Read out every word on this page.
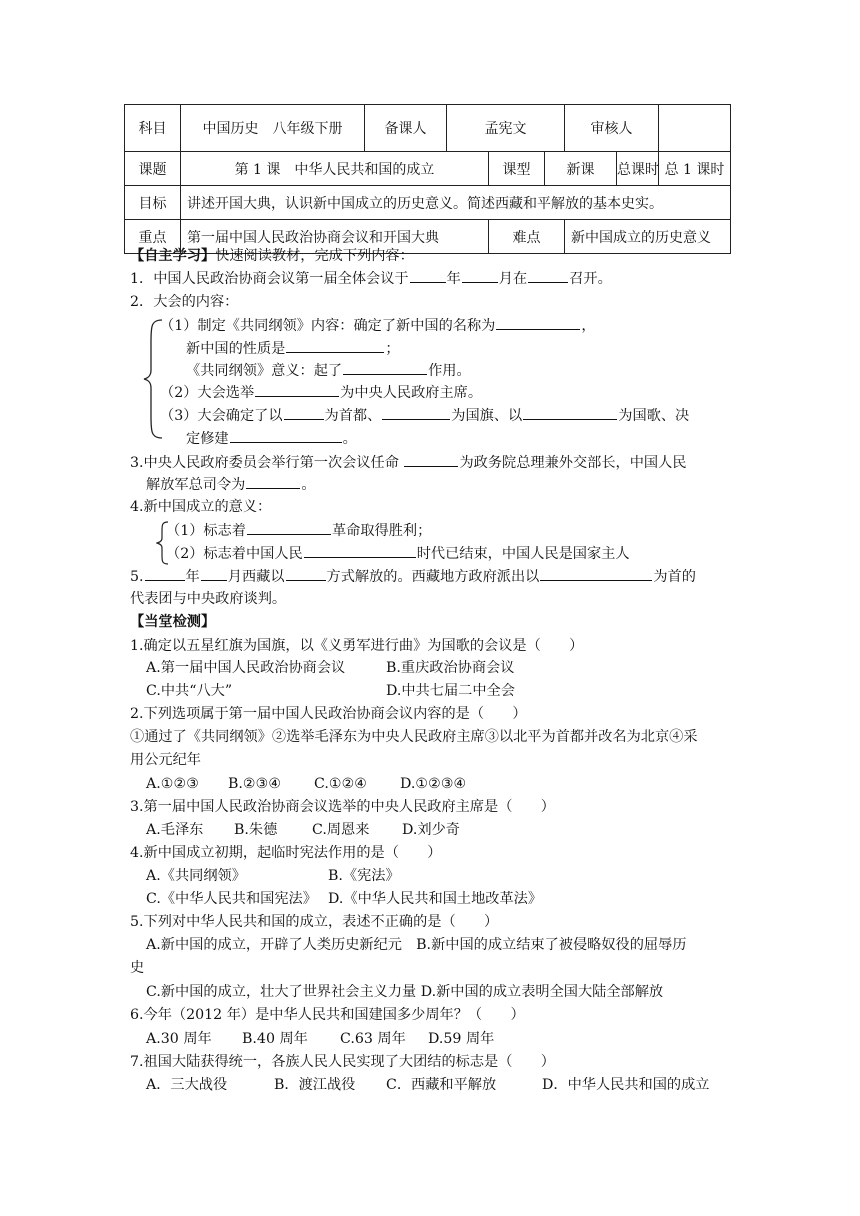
科目	中国历史　八年级下册	备课人	孟宪文			审核人		
课题	第 1 课　中华人民共和国的成立			课型	新课		总课时	总 1 课时
目标	讲述开国大典，认识新中国成立的历史意义。简述西藏和平解放的基本史实。							
重点	第一届中国人民政治协商会议和开国大典			难点		新中国成立的历史意义		
【自主学习】快速阅读教材，完成下列内容：
1．中国人民政治协商会议第一届全体会议于	年	月在	召开。
2．大会的内容：
（1）制定《共同纲领》内容：确定了新中国的名称为	，
新中国的性质是	；
《共同纲领》意义：起了	作用。
（2）大会选举	为中央人民政府主席。
（3）大会确定了以	为首都、	为国旗、以	为国歌、决
定修建	。
3.中央人民政府委员会举行第一次会议任命	为政务院总理兼外交部长，中国人民
解放军总司令为	。
4.新中国成立的意义：
（1）标志着	革命取得胜利；
（2）标志着中国人民	时代已结束，中国人民是国家主人
5.	年 月西藏以	方式解放的。西藏地方政府派出以	为首的
代表团与中央政府谈判。
【当堂检测】
1.确定以五星红旗为国旗，以《义勇军进行曲》为国歌的会议是（　　）
A.第一届中国人民政治协商会议	B.重庆政治协商会议
C.中共“八大”	D.中共七届二中全会
2.下列选项属于第一届中国人民政治协商会议内容的是（　　）
①通过了《共同纲领》②选举毛泽东为中央人民政府主席③以北平为首都并改名为北京④采
用公元纪年
A.①②③ B.②③④ C.①②④ D.①②③④
3.第一届中国人民政治协商会议选举的中央人民政府主席是（　　）
A.毛泽东 B.朱德 C.周恩来 D.刘少奇
4.新中国成立初期，起临时宪法作用的是（　　）
A.《共同纲领》	B.《宪法》
C.《中华人民共和国宪法》 D.《中华人民共和国土地改革法》
5.下列对中华人民共和国的成立，表述不正确的是（　　）
A.新中国的成立，开辟了人类历史新纪元　B.新中国的成立结束了被侵略奴役的屈辱历
史
C.新中国的成立，壮大了世界社会主义力量 D.新中国的成立表明全国大陆全部解放
6.今年（2012 年）是中华人民共和国建国多少周年？（　　）
A.30 周年 B.40 周年 C.63 周年 D.59 周年
7.祖国大陆获得统一，各族人民人民实现了大团结的标志是（　　）
A．三大战役	B．渡江战役 C．西藏和平解放	D．中华人民共和国的成立
